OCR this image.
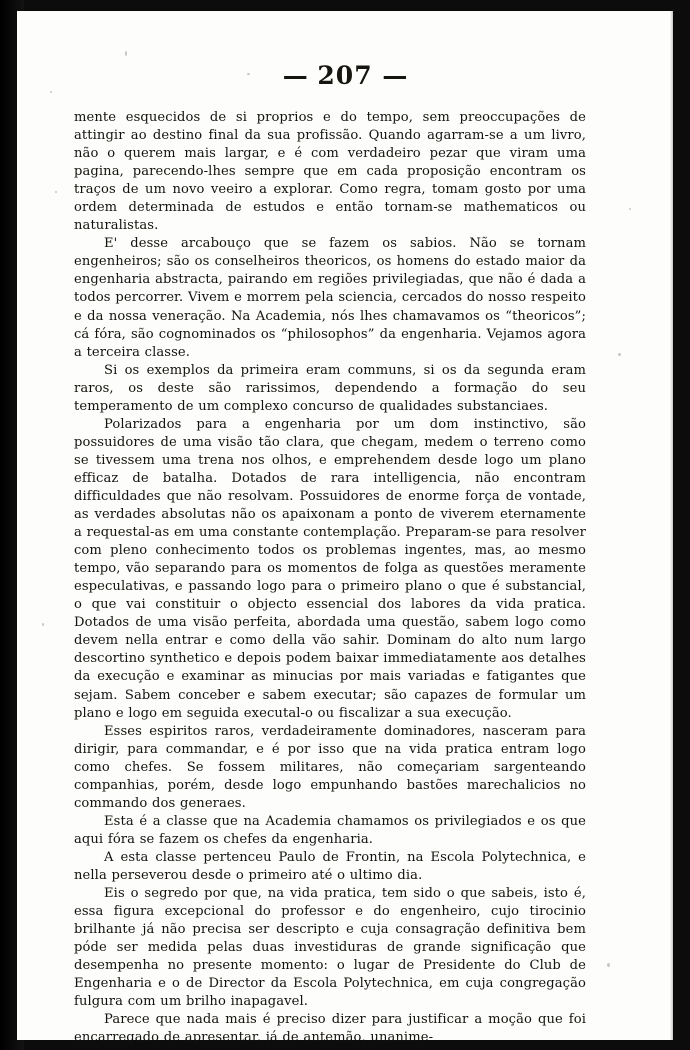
— 207 —

mente esquecidos de si proprios e do tempo, sem preoccupações de attingir ao destino final da sua profissão. Quando agarram-se a um livro, não o querem mais largar, e é com verdadeiro pezar que viram uma pagina, parecendo-lhes sempre que em cada proposição encontram os traços de um novo veeiro a explorar. Como regra, tomam gosto por uma ordem determinada de estudos e então tornam-se mathematicos ou naturalistas.

E' desse arcabouço que se fazem os sabios. Não se tornam engenheiros; são os conselheiros theoricos, os homens do estado maior da engenharia abstracta, pairando em regiões privilegiadas, que não é dada a todos percorrer. Vivem e morrem pela sciencia, cercados do nosso respeito e da nossa veneração. Na Academia, nós lhes chamavamos os “theoricos”; cá fóra, são cognominados os “philosophos” da engenharia. Vejamos agora a terceira classe.

Si os exemplos da primeira eram communs, si os da segunda eram raros, os deste são rarissimos, dependendo a formação do seu temperamento de um complexo concurso de qualidades substanciaes.

Polarizados para a engenharia por um dom instinctivo, são possuidores de uma visão tão clara, que chegam, medem o terreno como se tivessem uma trena nos olhos, e emprehendem desde logo um plano efficaz de batalha. Dotados de rara intelligencia, não encontram difficuldades que não resolvam. Possuidores de enorme força de vontade, as verdades absolutas não os apaixonam a ponto de viverem eternamente a requestal-as em uma constante contemplação. Preparam-se para resolver com pleno conhecimento todos os problemas ingentes, mas, ao mesmo tempo, vão separando para os momentos de folga as questões meramente especulativas, e passando logo para o primeiro plano o que é substancial, o que vai constituir o objecto essencial dos labores da vida pratica. Dotados de uma visão perfeita, abordada uma questão, sabem logo como devem nella entrar e como della vão sahir. Dominam do alto num largo descortino synthetico e depois podem baixar immediatamente aos detalhes da execução e examinar as minucias por mais variadas e fatigantes que sejam. Sabem conceber e sabem executar; são capazes de formular um plano e logo em seguida executal-o ou fiscalizar a sua execução.

Esses espiritos raros, verdadeiramente dominadores, nasceram para dirigir, para commandar, e é por isso que na vida pratica entram logo como chefes. Se fossem militares, não começariam sargenteando companhias, porém, desde logo empunhando bastões marechalicios no commando dos generaes.

Esta é a classe que na Academia chamamos os privilegiados e os que aqui fóra se fazem os chefes da engenharia.

A esta classe pertenceu Paulo de Frontin, na Escola Polytechnica, e nella perseverou desde o primeiro até o ultimo dia.

Eis o segredo por que, na vida pratica, tem sido o que sabeis, isto é, essa figura excepcional do professor e do engenheiro, cujo tirocinio brilhante já não precisa ser descripto e cuja consagração definitiva bem póde ser medida pelas duas investiduras de grande significação que desempenha no presente momento: o lugar de Presidente do Club de Engenharia e o de Director da Escola Polytechnica, em cuja congregação fulgura com um brilho inapagavel.

Parece que nada mais é preciso dizer para justificar a moção que foi encarregado de apresentar, já de antemão, unanime-
